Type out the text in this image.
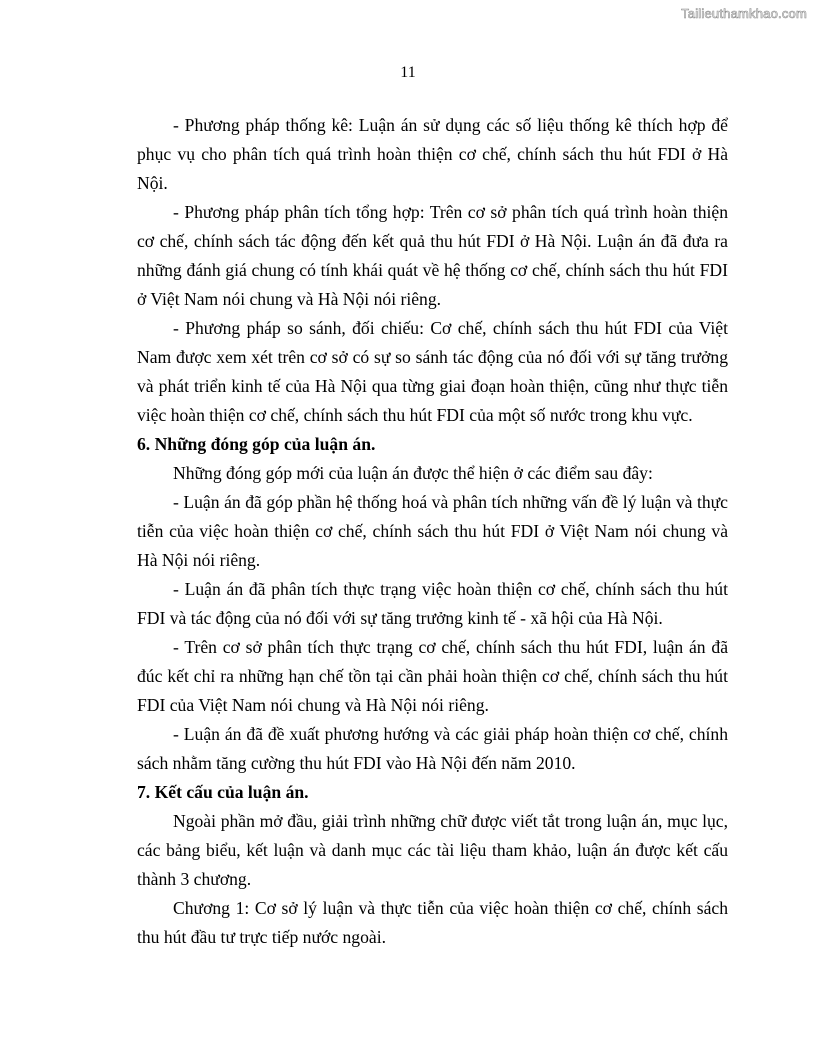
Tailieuthamkhao.com
11

- Phương pháp thống kê: Luận án sử dụng các số liệu thống kê thích hợp để phục vụ cho phân tích quá trình hoàn thiện cơ chế, chính sách thu hút FDI ở Hà Nội.

- Phương pháp phân tích tổng hợp: Trên cơ sở phân tích quá trình hoàn thiện cơ chế, chính sách tác động đến kết quả thu hút FDI ở Hà Nội. Luận án đã đưa ra những đánh giá chung có tính khái quát về hệ thống cơ chế, chính sách thu hút FDI ở Việt Nam nói chung và Hà Nội nói riêng.

- Phương pháp so sánh, đối chiếu: Cơ chế, chính sách thu hút FDI của Việt Nam được xem xét trên cơ sở có sự so sánh tác động của nó đối với sự tăng trưởng và phát triển kinh tế của Hà Nội qua từng giai đoạn hoàn thiện, cũng như thực tiễn việc hoàn thiện cơ chế, chính sách thu hút FDI của một số nước trong khu vực.

6. Những đóng góp của luận án.

Những đóng góp mới của luận án được thể hiện ở các điểm sau đây:

- Luận án đã góp phần hệ thống hoá và phân tích những vấn đề lý luận và thực tiễn của việc hoàn thiện cơ chế, chính sách thu hút FDI ở Việt Nam nói chung và Hà Nội nói riêng.

- Luận án đã phân tích thực trạng việc hoàn thiện cơ chế, chính sách thu hút FDI và tác động của nó đối với sự tăng trưởng kinh tế - xã hội của Hà Nội.

- Trên cơ sở phân tích thực trạng cơ chế, chính sách thu hút FDI, luận án đã đúc kết chỉ ra những hạn chế tồn tại cần phải hoàn thiện cơ chế, chính sách thu hút FDI của Việt Nam nói chung và Hà Nội nói riêng.

- Luận án đã đề xuất phương hướng và các giải pháp hoàn thiện cơ chế, chính sách nhằm tăng cường thu hút FDI vào Hà Nội đến năm 2010.

7. Kết cấu của luận án.

Ngoài phần mở đầu, giải trình những chữ được viết tắt trong luận án, mục lục, các bảng biểu, kết luận và danh mục các tài liệu tham khảo, luận án được kết cấu thành 3 chương.

Chương 1: Cơ sở lý luận và thực tiễn của việc hoàn thiện cơ chế, chính sách thu hút đầu tư trực tiếp nước ngoài.
